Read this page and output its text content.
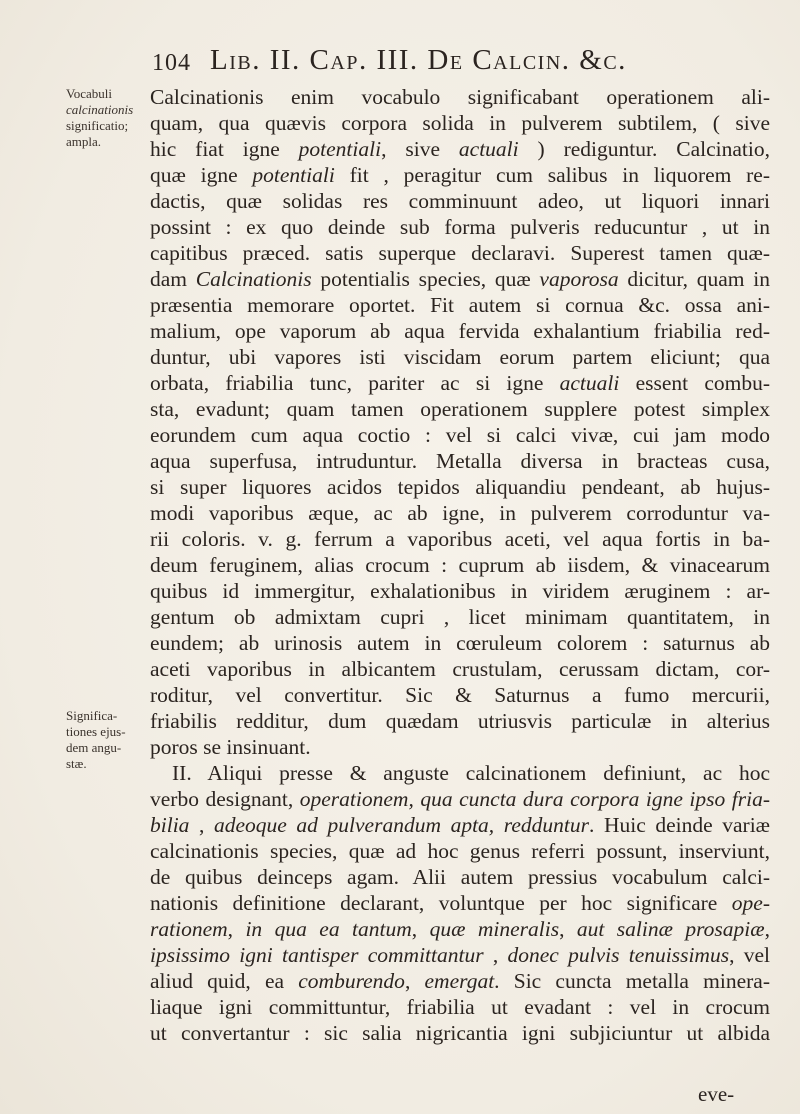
104 Lib. II. Cap. III. De Calcin. &c.
Vocabuli
calcinationis
significatio;
ampla.
Significa-
tiones ejus-
dem angu-
stæ.
Calcinationis enim vocabulo significabant operationem ali-
quam, qua quævis corpora solida in pulverem subtilem, ( sive
hic fiat igne potentiali, sive actuali ) rediguntur. Calcinatio,
quæ igne potentiali fit , peragitur cum salibus in liquorem re-
dactis, quæ solidas res comminuunt adeo, ut liquori innari
possint : ex quo deinde sub forma pulveris reducuntur , ut in
capitibus præced. satis superque declaravi. Superest tamen quæ-
dam Calcinationis potentialis species, quæ vaporosa dicitur, quam in
præsentia memorare oportet. Fit autem si cornua &c. ossa ani-
malium, ope vaporum ab aqua fervida exhalantium friabilia red-
duntur, ubi vapores isti viscidam eorum partem eliciunt; qua
orbata, friabilia tunc, pariter ac si igne actuali essent combu-
sta, evadunt; quam tamen operationem supplere potest simplex
eorundem cum aqua coctio : vel si calci vivæ, cui jam modo
aqua superfusa, intruduntur. Metalla diversa in bracteas cusa,
si super liquores acidos tepidos aliquandiu pendeant, ab hujus-
modi vaporibus æque, ac ab igne, in pulverem corroduntur va-
rii coloris. v. g. ferrum a vaporibus aceti, vel aqua fortis in ba-
deum feruginem, alias crocum : cuprum ab iisdem, & vinacearum
quibus id immergitur, exhalationibus in viridem æruginem : ar-
gentum ob admixtam cupri , licet minimam quantitatem, in
eundem; ab urinosis autem in cœruleum colorem : saturnus ab
aceti vaporibus in albicantem crustulam, cerussam dictam, cor-
roditur, vel convertitur. Sic & Saturnus a fumo mercurii,
friabilis redditur, dum quædam utriusvis particulæ in alterius
poros se insinuant.
II. Aliqui presse & anguste calcinationem definiunt, ac hoc
verbo designant, operationem, qua cuncta dura corpora igne ipso fria-
bilia , adeoque ad pulverandum apta, redduntur. Huic deinde variæ
calcinationis species, quæ ad hoc genus referri possunt, inserviunt,
de quibus deinceps agam. Alii autem pressius vocabulum calci-
nationis definitione declarant, voluntque per hoc significare ope-
rationem, in qua ea tantum, quæ mineralis, aut salinæ prosapiæ,
ipsissimo igni tantisper committantur , donec pulvis tenuissimus, vel
aliud quid, ea comburendo, emergat. Sic cuncta metalla minera-
liaque igni committuntur, friabilia ut evadant : vel in crocum
ut convertantur : sic salia nigricantia igni subjiciuntur ut albida
eve-
